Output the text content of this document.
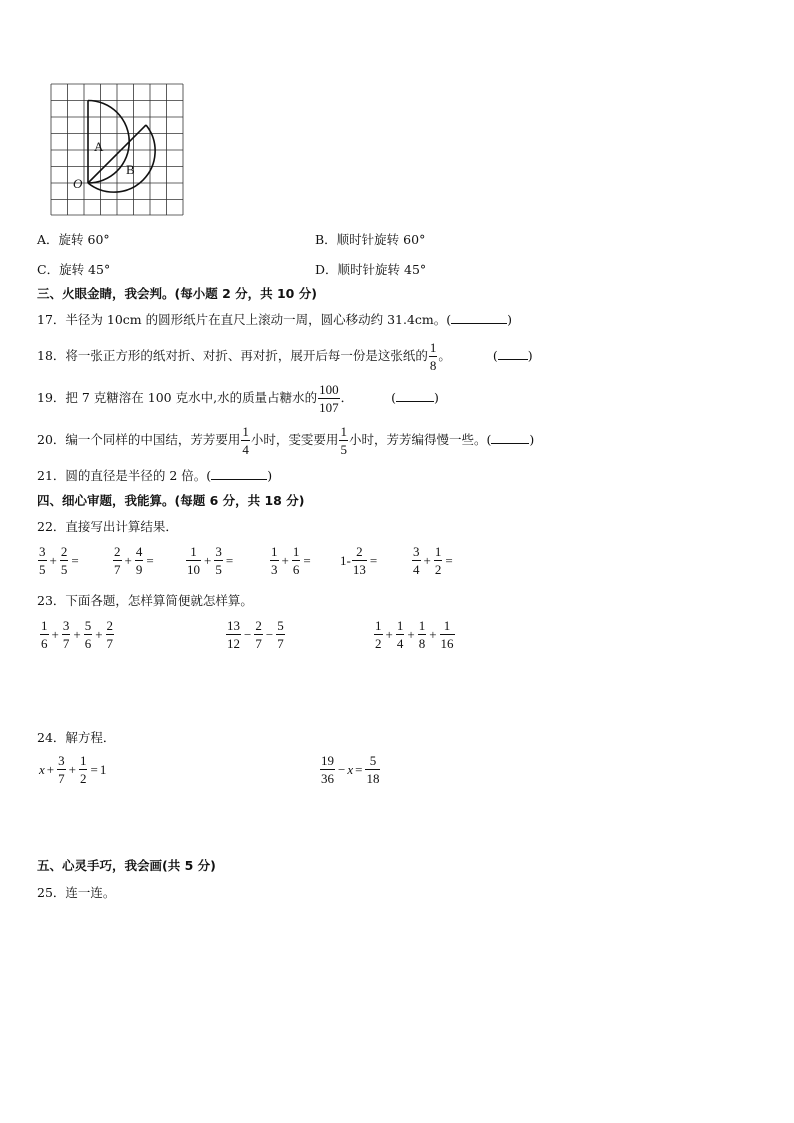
A
B
O
A．旋转 60°	B．顺时针旋转 60°
C．旋转 45°	D．顺时针旋转 45°
三、火眼金睛，我会判。(每小题 2 分，共 10 分)
17．半径为 10cm 的圆形纸片在直尺上滚动一周，圆心移动约 31.4cm。(	)
18．将一张正方形的纸对折、对折、再对折，展开后每一份是这张纸的 $\frac{1}{8}$ 。	( )
19．把 7 克糖溶在 100 克水中,水的质量占糖水的 $\frac{100}{107}$ ．	(	)
20．编一个同样的中国结，芳芳要用 $\frac{1}{4}$ 小时，雯雯要用 $\frac{1}{5}$ 小时，芳芳编得慢一些。(	)
21．圆的直径是半径的 2 倍。(	)
四、细心审题，我能算。(每题 6 分，共 18 分)
22．直接写出计算结果．
$\frac{3}{5} + \frac{2}{5}$ =	$\frac{2}{7} + \frac{4}{9} = \frac{1}{10} + \frac{3}{5}$ =	$\frac{1}{3} + \frac{1}{6} = 1- \frac{2}{13}$ =	$\frac{3}{4} + \frac{1}{2}$ =
23．下面各题，怎样算简便就怎样算。
$\frac{1}{6} + \frac{3}{7} + \frac{5}{6} + \frac{2}{7}$	$\frac{13}{12} - \frac{2}{7} - \frac{5}{7}$	$\frac{1}{2} + \frac{1}{4} + \frac{1}{8} + \frac{1}{16}$
24．解方程．
$x + \frac{3}{7} + \frac{1}{2} = 1$	$\frac{19}{36} - x = \frac{5}{18}$
五、心灵手巧，我会画(共 5 分)
25．连一连。
